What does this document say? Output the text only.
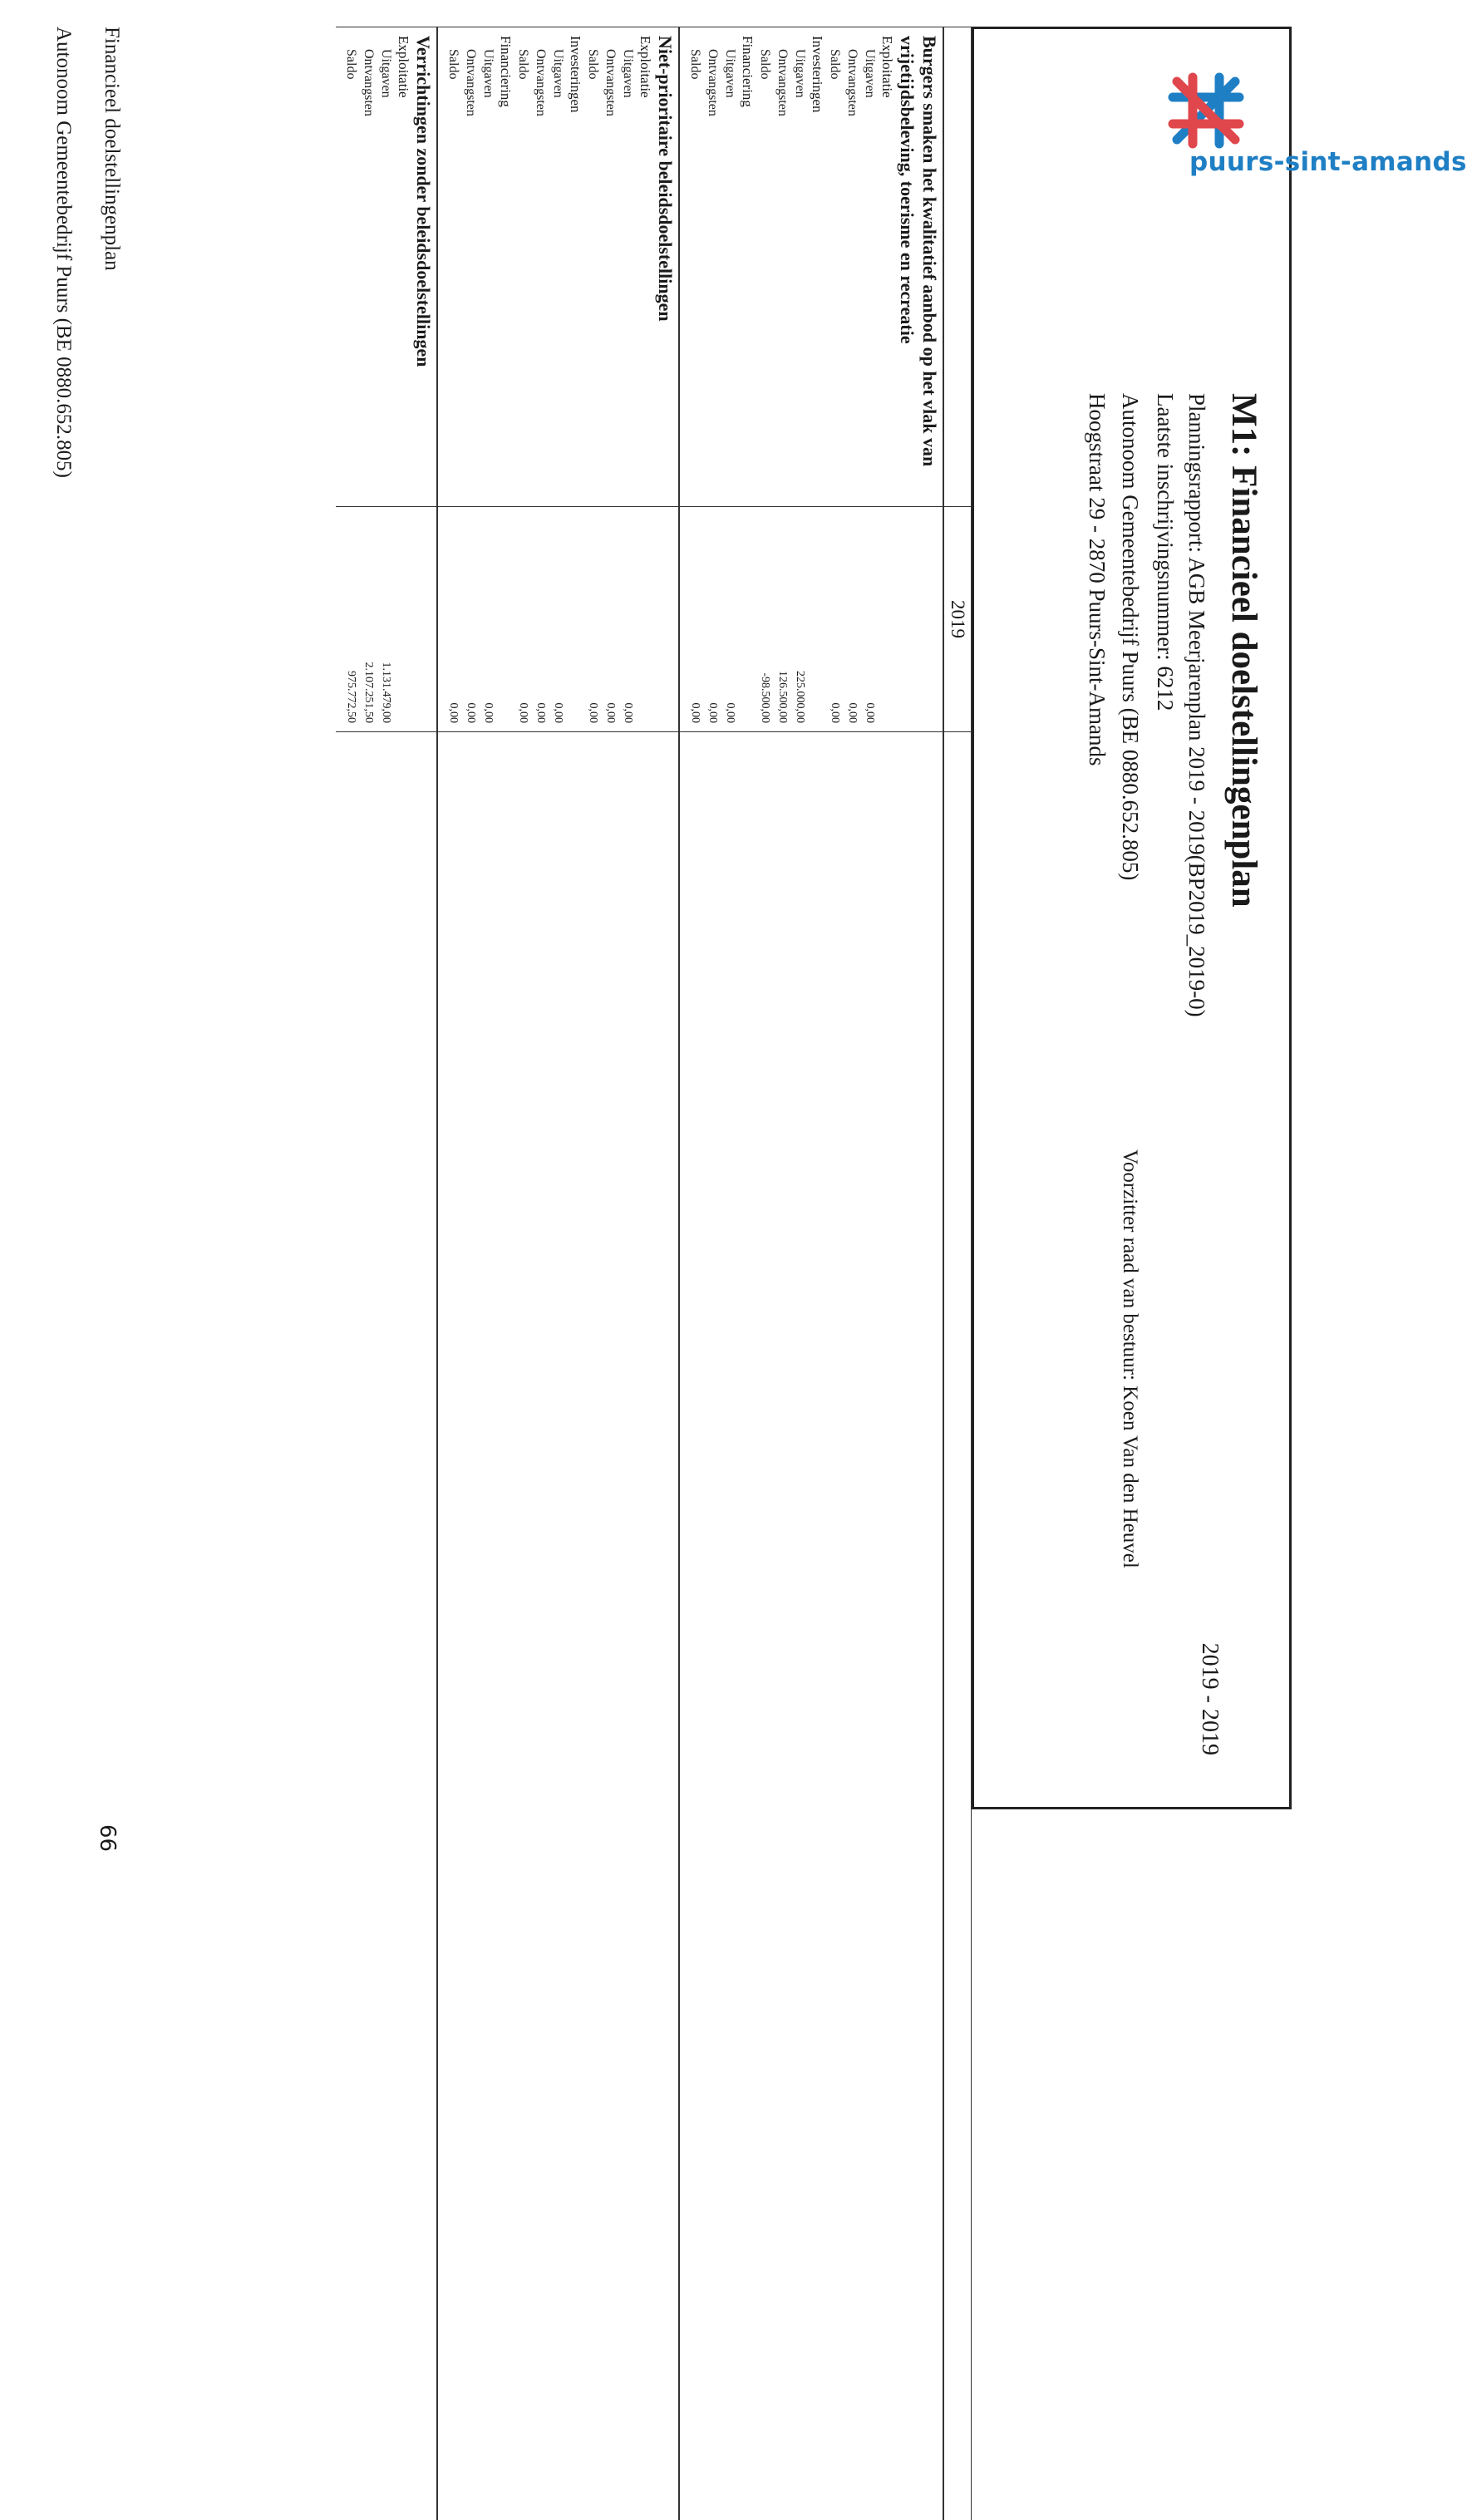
puurs-sint-amands
M1: Financieel doelstellingenplan
Planningsrapport: AGB Meerjarenplan 2019 - 2019(BP2019_2019-0)
Laatste inschrijvingsnummer: 6212
Autonoom Gemeentebedrijf Puurs (BE 0880.652.805)
Hoogstraat 29 - 2870 Puurs-Sint-Amands
2019 - 2019
Voorzitter raad van bestuur: Koen Van den Heuvel
	2019	
Burgers smaken het kwalitatief aanbod op het vlak van vrijetijdsbeleving, toerisme en recreatie		
Exploitatie		
Uitgaven	0,00	
Ontvangsten	0,00	
Saldo	0,00	
Investeringen		
Uitgaven	225.000,00	
Ontvangsten	126.500,00	
Saldo	-98.500,00	
Financiering		
Uitgaven	0,00	
Ontvangsten	0,00	
Saldo	0,00	

Niet-prioritaire beleidsdoelstellingen		
Exploitatie		
Uitgaven	0,00	
Ontvangsten	0,00	
Saldo	0,00	
Investeringen		
Uitgaven	0,00	
Ontvangsten	0,00	
Saldo	0,00	
Financiering		
Uitgaven	0,00	
Ontvangsten	0,00	
Saldo	0,00	

Verrichtingen zonder beleidsdoelstellingen		
Exploitatie		
Uitgaven	1.131.479,00	
Ontvangsten	2.107.251,50	
Saldo	975.772,50	

Financieel doelstellingenplan
Autonoom Gemeentebedrijf Puurs (BE 0880.652.805)
66
